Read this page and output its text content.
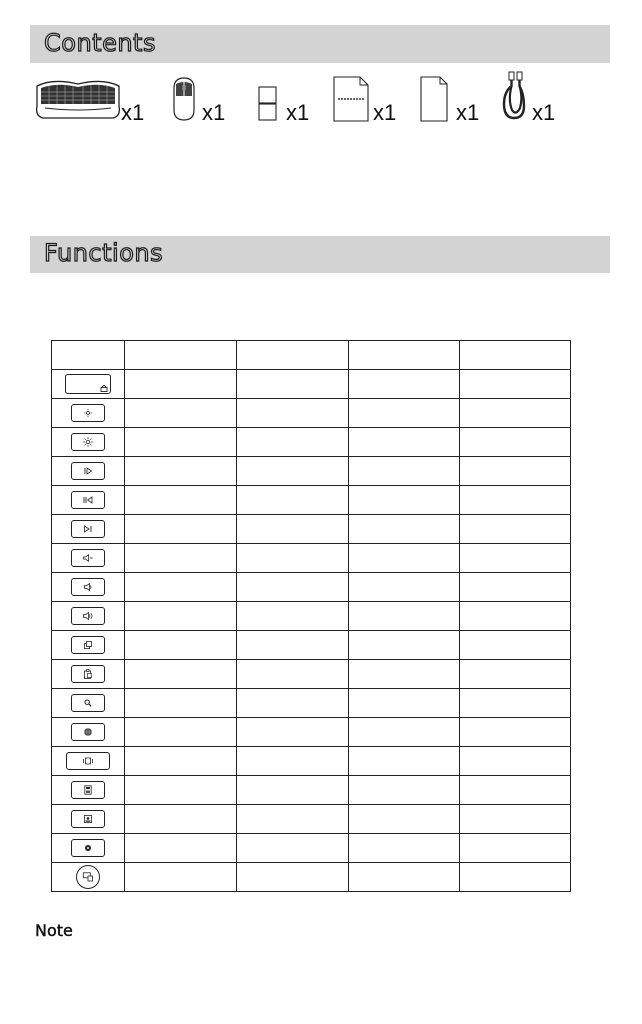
Contents
x1	x1	x1	x1	x1 x1
Functions

Note
